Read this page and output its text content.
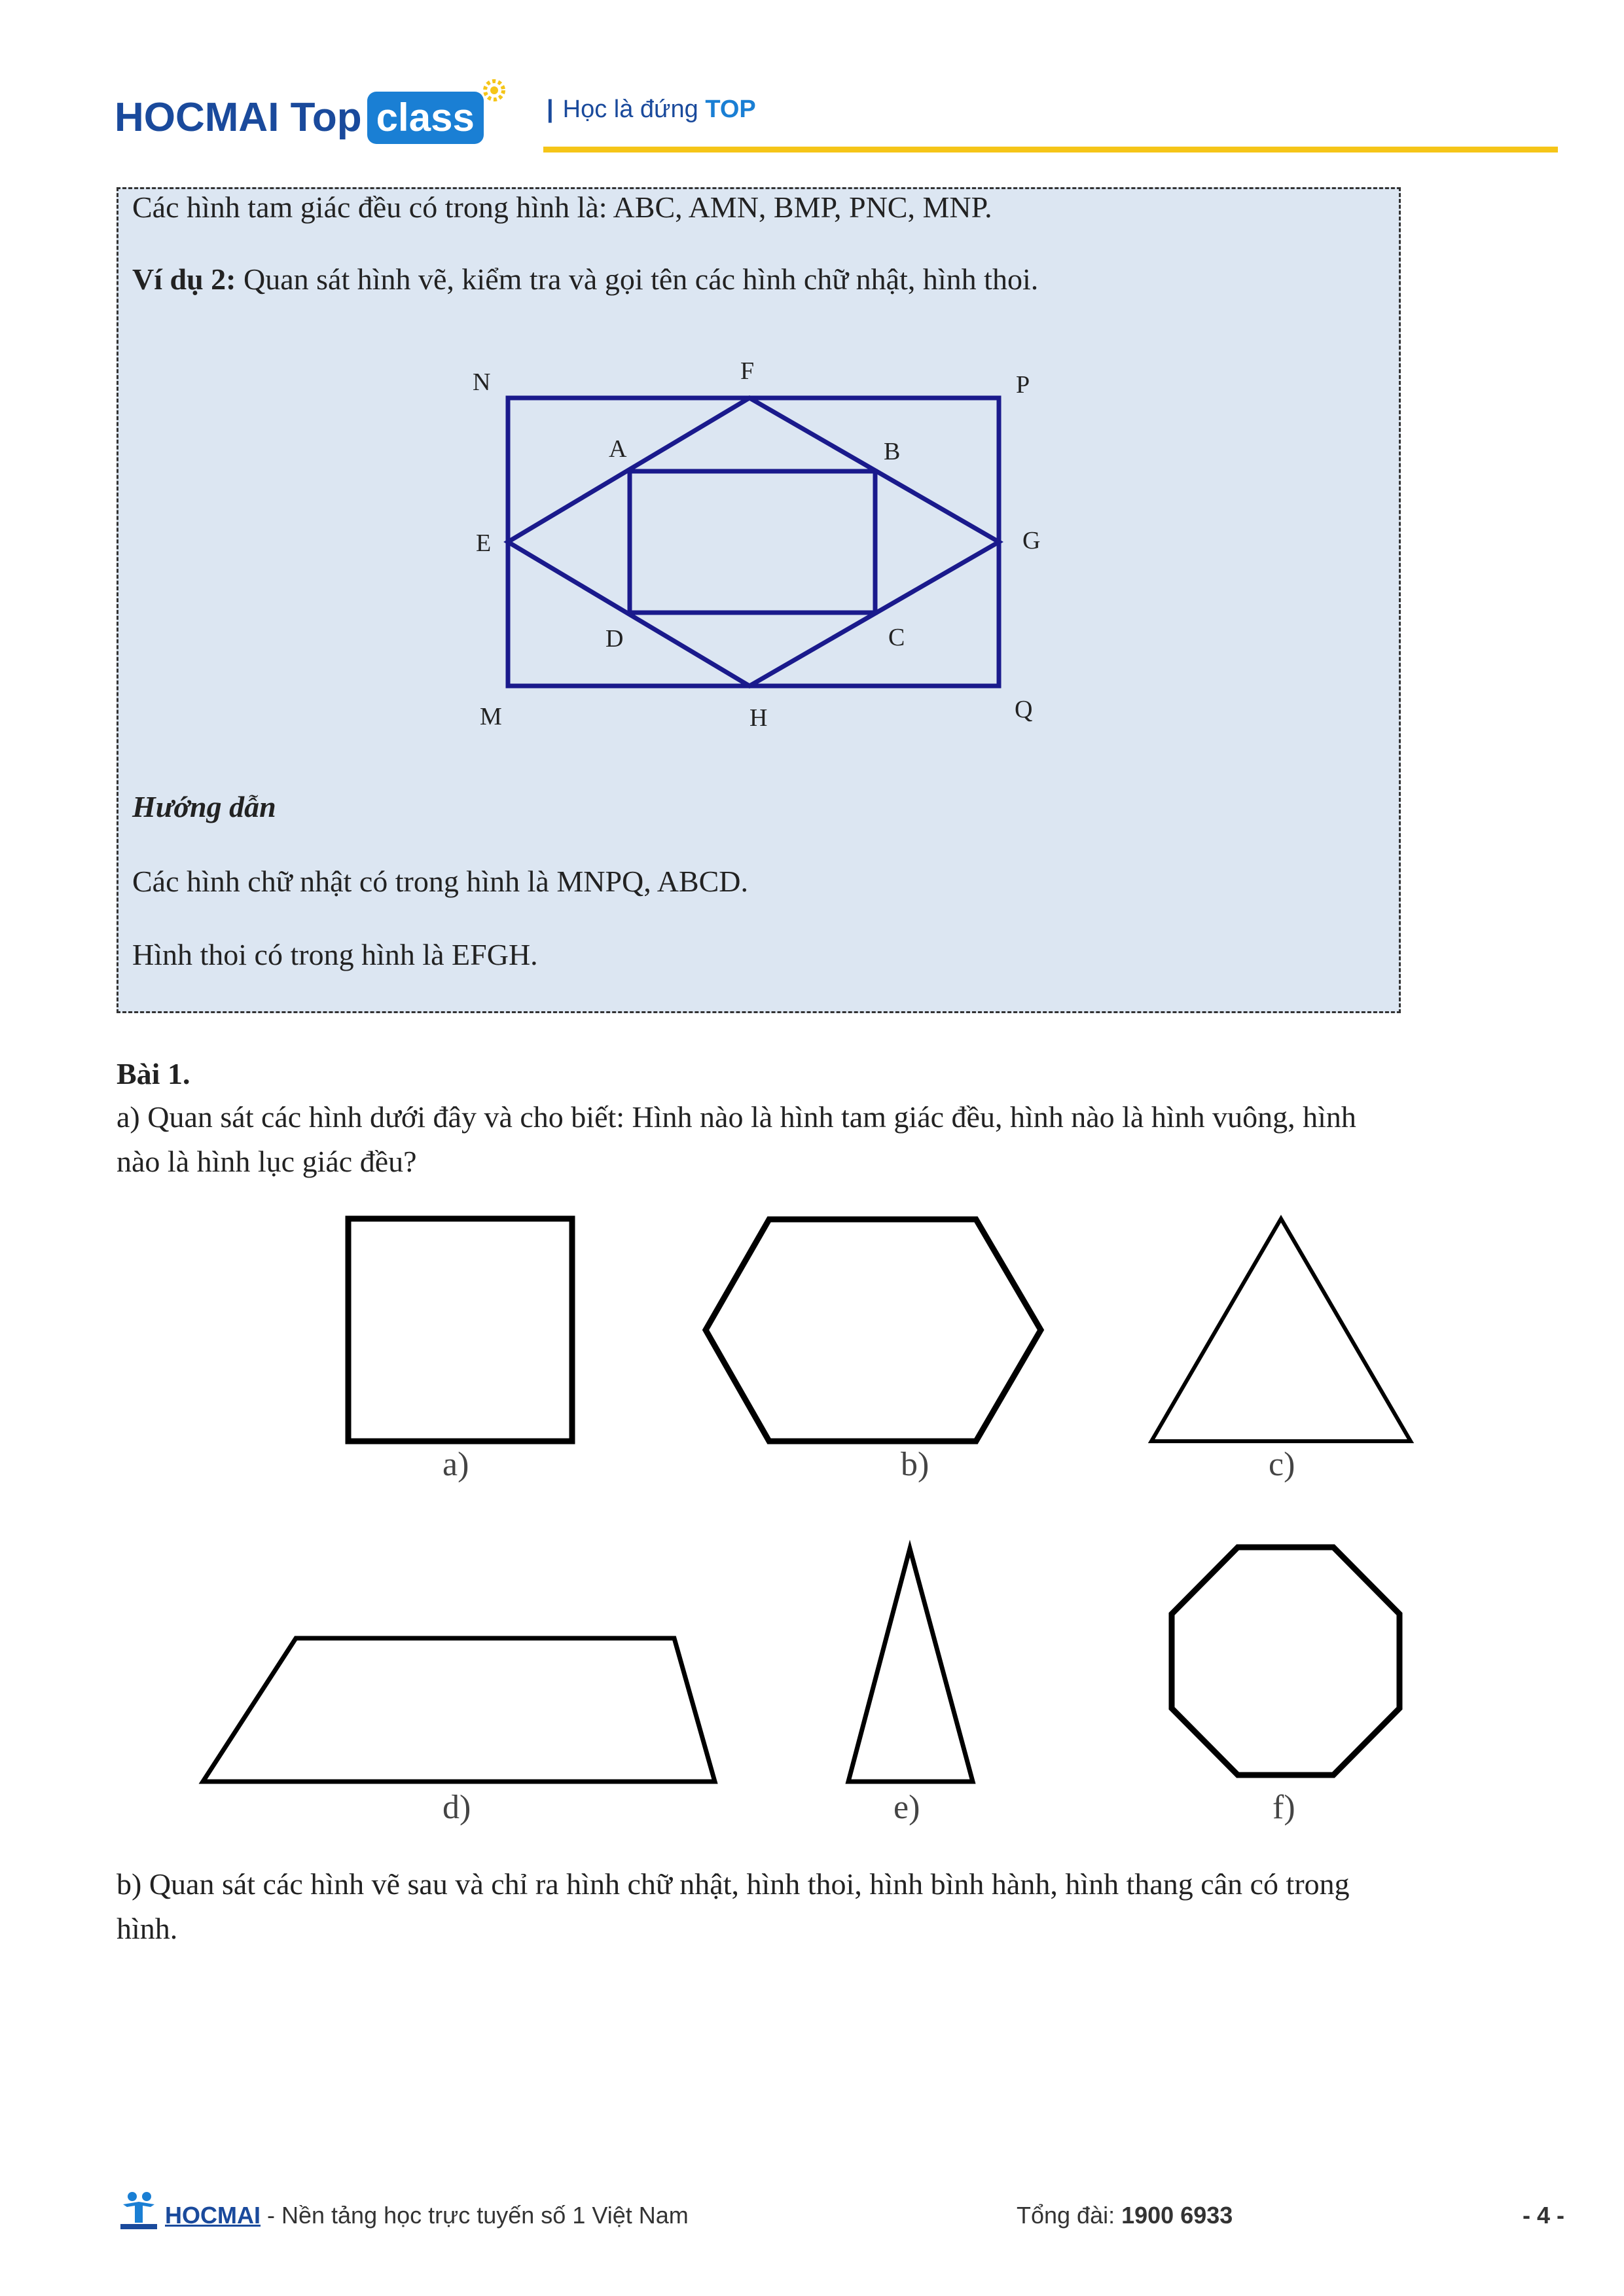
HOCMAI Top class	| Học là đứng TOP
Các hình tam giác đều có trong hình là: ABC, AMN, BMP, PNC, MNP.
Ví dụ 2: Quan sát hình vẽ, kiểm tra và gọi tên các hình chữ nhật, hình thoi.
N	F	P
A	B
E	G
D	C
M	H	Q
Hướng dẫn
Các hình chữ nhật có trong hình là MNPQ, ABCD.
Hình thoi có trong hình là EFGH.
Bài 1.
a) Quan sát các hình dưới đây và cho biết: Hình nào là hình tam giác đều, hình nào là hình vuông, hình
nào là hình lục giác đều?
a)	b)	c)
d)	e)	f)
b) Quan sát các hình vẽ sau và chỉ ra hình chữ nhật, hình thoi, hình bình hành, hình thang cân có trong
hình.
HOCMAI - Nền tảng học trực tuyến số 1 Việt Nam	Tổng đài: 1900 6933	- 4 -
